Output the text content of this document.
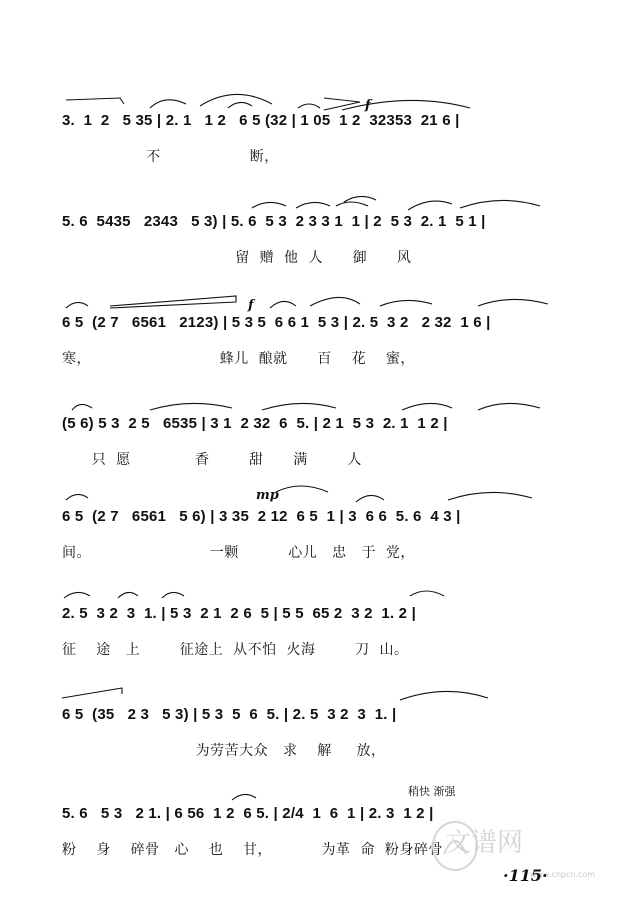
3.  1  2   5 35 | 2. 1   1 2   6 5 (32 | 1 05  1 2  32353  21 6 |
不                  断，
f
5. 6  5435   2343   5 3) | 5. 6  5 3  2 3 3 1  1 | 2  5 3  2. 1  5 1 |
留  赠  他  人      御      风
6 5  (2 7   6561   2123) | 5 3 5  6 6 1  5 3 | 2. 5  3 2   2 32  1 6 |
寒，                          蜂儿  酿就      百    花    蜜，
f
(5 6) 5 3  2 5   6535 | 3 1  2 32  6  5. | 2 1  5 3  2. 1  1 2 |
只  愿             香        甜      满        人
6 5  (2 7   6561   5 6) | 3 35  2 12  6 5  1 | 3  6 6  5. 6  4 3 |
间。                        一颗          心儿   忠   于  党，
mp
2. 5  3 2  3  1. | 5 3  2 1  2 6  5 | 5 5  65 2  3 2  1. 2 |
征    途   上        征途上  从不怕  火海        刀  山。
6 5  (35   2 3   5 3) | 5 3  5  6  5. | 2. 5  3 2  3  1. |
为劳苦大众   求    解     放，
5. 6   5 3   2 1. | 6 56  1 2  6 5. | 2/4  1  6  1 | 2. 3  1 2 |
粉    身    碎骨   心    也    甘，          为革  命  粉身碎骨
稍快 渐强
文谱网
www.cnpcn.com
·115·
